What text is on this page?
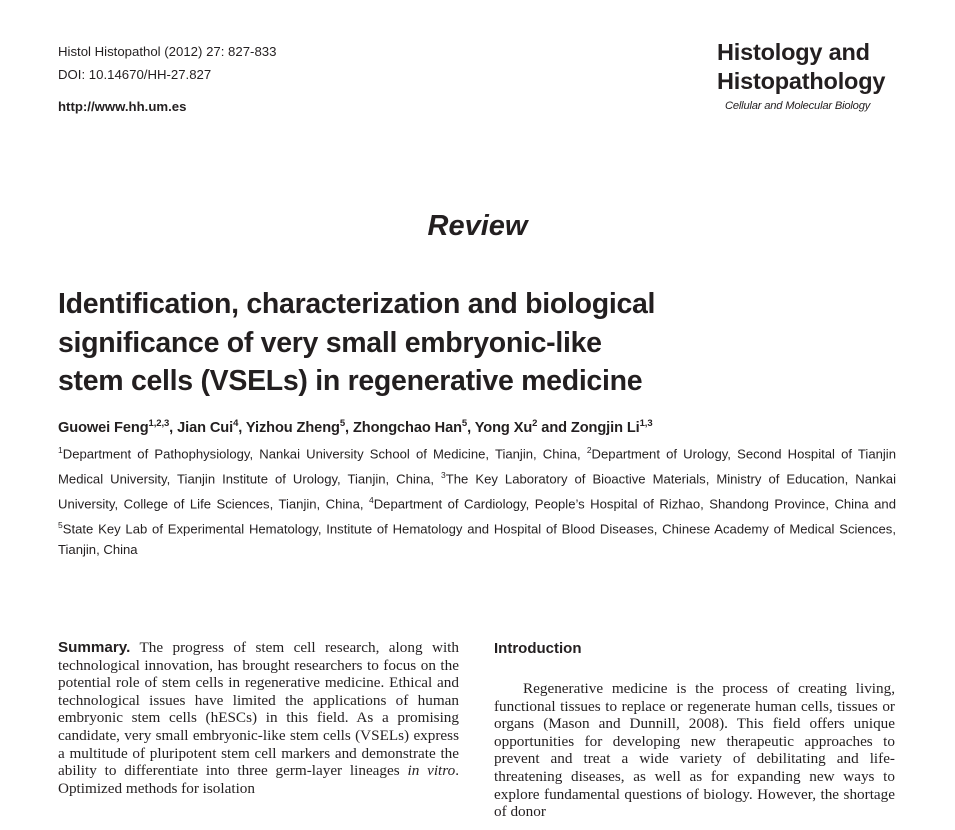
Histol Histopathol (2012) 27: 827-833
DOI: 10.14670/HH-27.827
http://www.hh.um.es
Histology and
Histopathology
Cellular and Molecular Biology
Review
Identification, characterization and biological
significance of very small embryonic-like
stem cells (VSELs) in regenerative medicine
Guowei Feng$^{1,2,3}$, Jian Cui$^4$, Yizhou Zheng$^5$, Zhongchao Han$^5$, Yong Xu$^2$ and Zongjin Li$^{1,3}$
$^1$Department of Pathophysiology, Nankai University School of Medicine, Tianjin, China, $^2$Department of Urology, Second Hospital of Tianjin Medical University, Tianjin Institute of Urology, Tianjin, China, $^3$The Key Laboratory of Bioactive Materials, Ministry of Education, Nankai University, College of Life Sciences, Tianjin, China, $^4$Department of Cardiology, People’s Hospital of Rizhao, Shandong Province, China and $^5$State Key Lab of Experimental Hematology, Institute of Hematology and Hospital of Blood Diseases, Chinese Academy of Medical Sciences, Tianjin, China
Summary. The progress of stem cell research, along with technological innovation, has brought researchers to focus on the potential role of stem cells in regenerative medicine. Ethical and technological issues have limited the applications of human embryonic stem cells (hESCs) in this field. As a promising candidate, very small embryonic-like stem cells (VSELs) express a multitude of pluripotent stem cell markers and demonstrate the ability to differentiate into three germ-layer lineages in vitro. Optimized methods for isolation
Introduction

Regenerative medicine is the process of creating living, functional tissues to replace or regenerate human cells, tissues or organs (Mason and Dunnill, 2008). This field offers unique opportunities for developing new therapeutic approaches to prevent and treat a wide variety of debilitating and life-threatening diseases, as well as for expanding new ways to explore fundamental questions of biology. However, the shortage of donor
